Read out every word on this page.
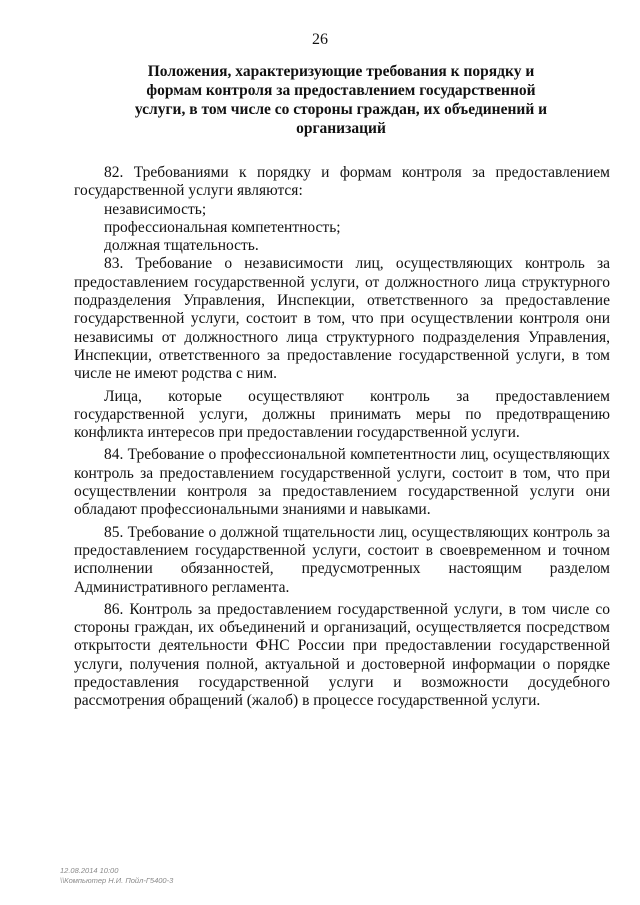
26
Положения, характеризующие требования к порядку и формам контроля за предоставлением государственной услуги, в том числе со стороны граждан, их объединений и организаций

82. Требованиями к порядку и формам контроля за предоставлением государственной услуги являются:

независимость;

профессиональная компетентность;

должная тщательность.

83. Требование о независимости лиц, осуществляющих контроль за предоставлением государственной услуги, от должностного лица структурного подразделения Управления, Инспекции, ответственного за предоставление государственной услуги, состоит в том, что при осуществлении контроля они независимы от должностного лица структурного подразделения Управления, Инспекции, ответственного за предоставление государственной услуги, в том числе не имеют родства с ним.

Лица, которые осуществляют контроль за предоставлением государственной услуги, должны принимать меры по предотвращению конфликта интересов при предоставлении государственной услуги.

84. Требование о профессиональной компетентности лиц, осуществляющих контроль за предоставлением государственной услуги, состоит в том, что при осуществлении контроля за предоставлением государственной услуги они обладают профессиональными знаниями и навыками.

85. Требование о должной тщательности лиц, осуществляющих контроль за предоставлением государственной услуги, состоит в своевременном и точном исполнении обязанностей, предусмотренных настоящим разделом Административного регламента.

86. Контроль за предоставлением государственной услуги, в том числе со стороны граждан, их объединений и организаций, осуществляется посредством открытости деятельности ФНС России при предоставлении государственной услуги, получения полной, актуальной и достоверной информации о порядке предоставления государственной услуги и возможности досудебного рассмотрения обращений (жалоб) в процессе государственной услуги.

12.08.2014 10:00
\\Компьютер Н.И. Пойл-Г5400-3
